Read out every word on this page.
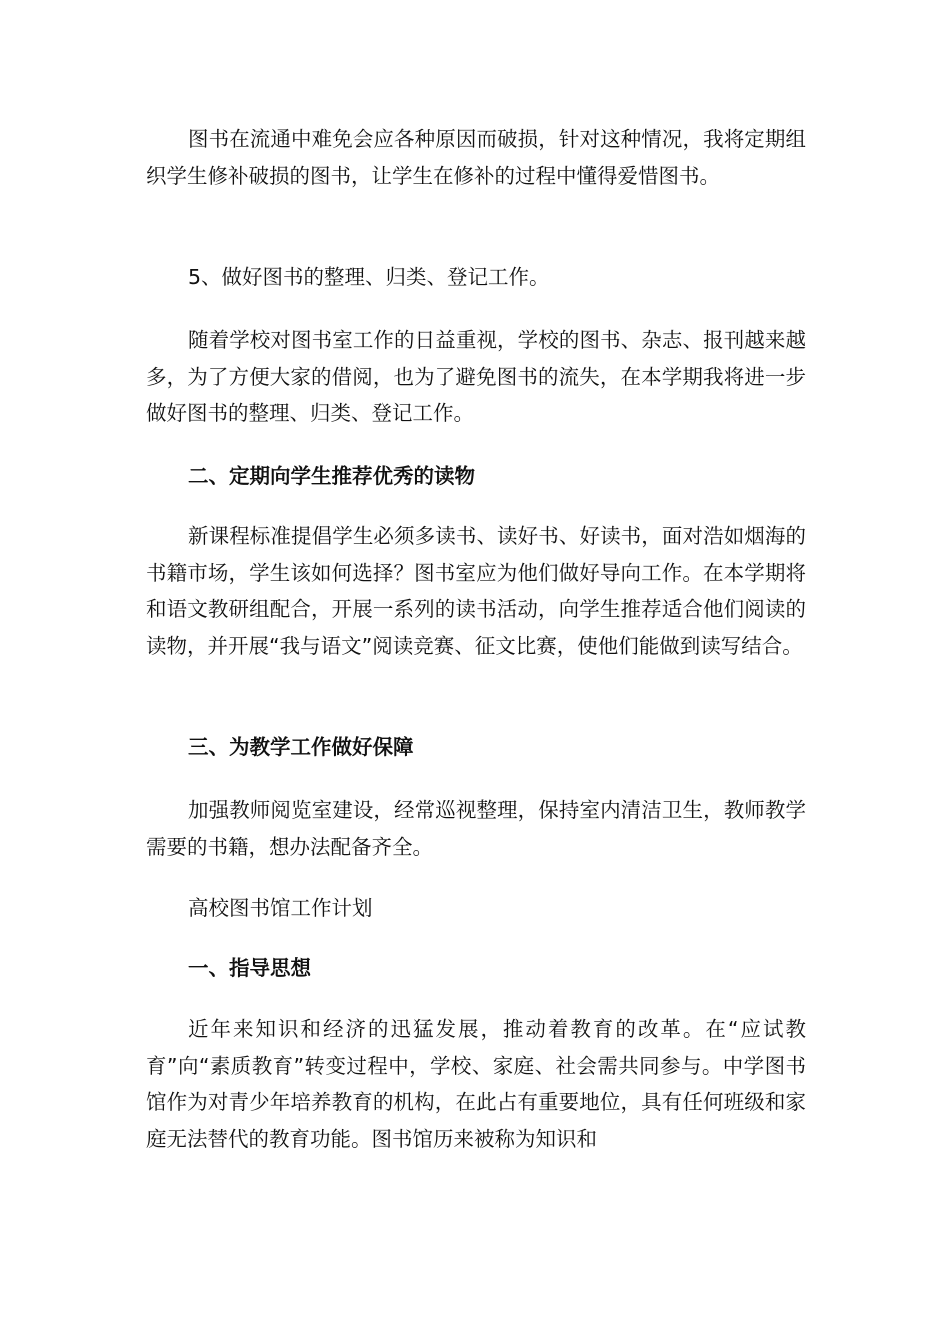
图书在流通中难免会应各种原因而破损，针对这种情况，我将定期组织学生修补破损的图书，让学生在修补的过程中懂得爱惜图书。

5、做好图书的整理、归类、登记工作。

随着学校对图书室工作的日益重视，学校的图书、杂志、报刊越来越多，为了方便大家的借阅，也为了避免图书的流失，在本学期我将进一步做好图书的整理、归类、登记工作。

二、定期向学生推荐优秀的读物

新课程标准提倡学生必须多读书、读好书、好读书，面对浩如烟海的书籍市场，学生该如何选择？图书室应为他们做好导向工作。在本学期将和语文教研组配合，开展一系列的读书活动，向学生推荐适合他们阅读的读物，并开展“我与语文”阅读竞赛、征文比赛，使他们能做到读写结合。

三、为教学工作做好保障

加强教师阅览室建设，经常巡视整理，保持室内清洁卫生，教师教学需要的书籍，想办法配备齐全。

高校图书馆工作计划

一、指导思想

近年来知识和经济的迅猛发展，推动着教育的改革。在“应试教育”向“素质教育”转变过程中，学校、家庭、社会需共同参与。中学图书馆作为对青少年培养教育的机构，在此占有重要地位，具有任何班级和家庭无法替代的教育功能。图书馆历来被称为知识和
